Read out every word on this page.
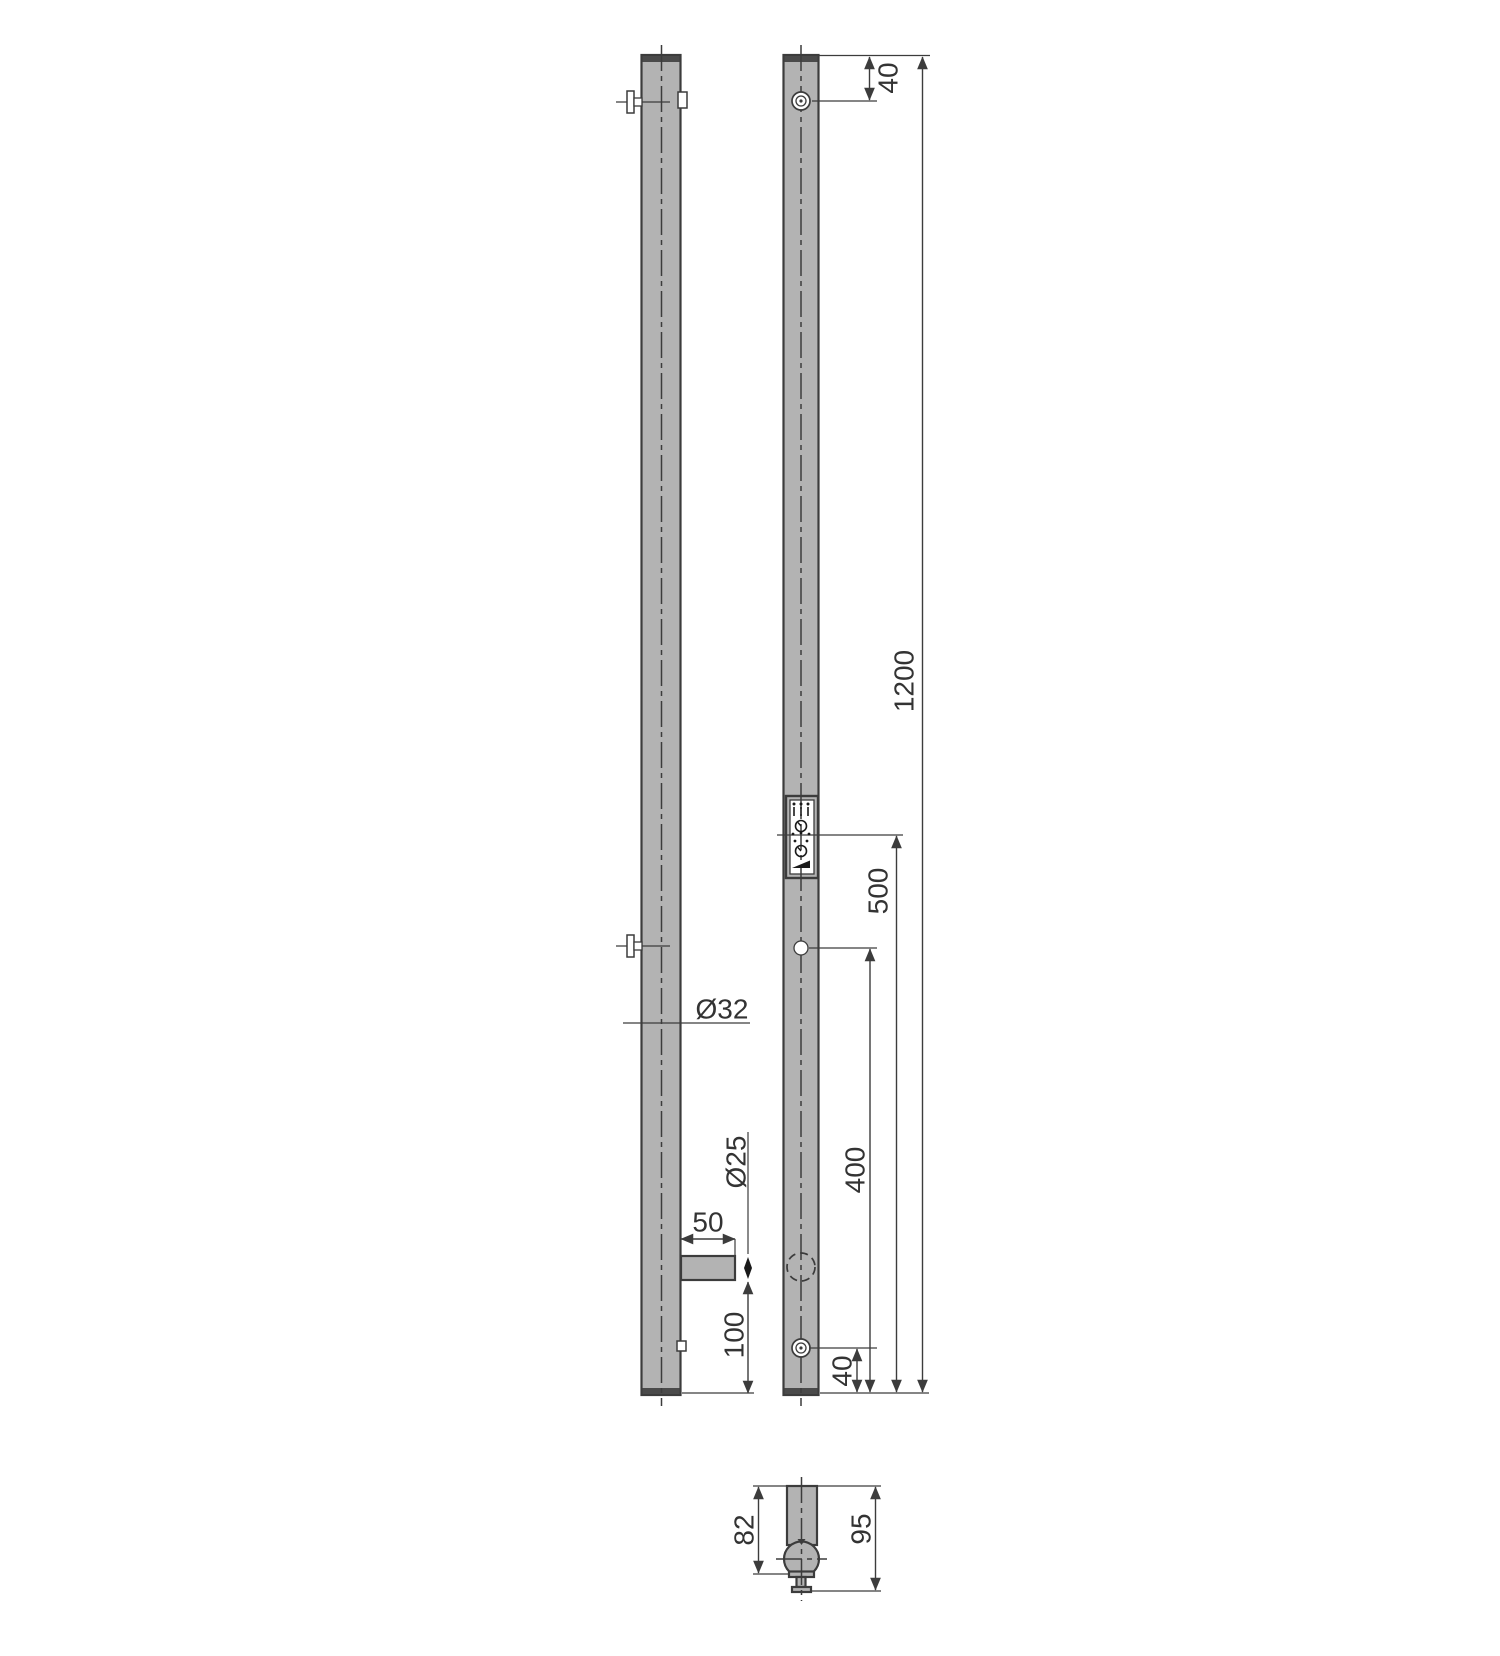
Ø32
Ø25
50
100
40
1200
500
400
40
82	95
